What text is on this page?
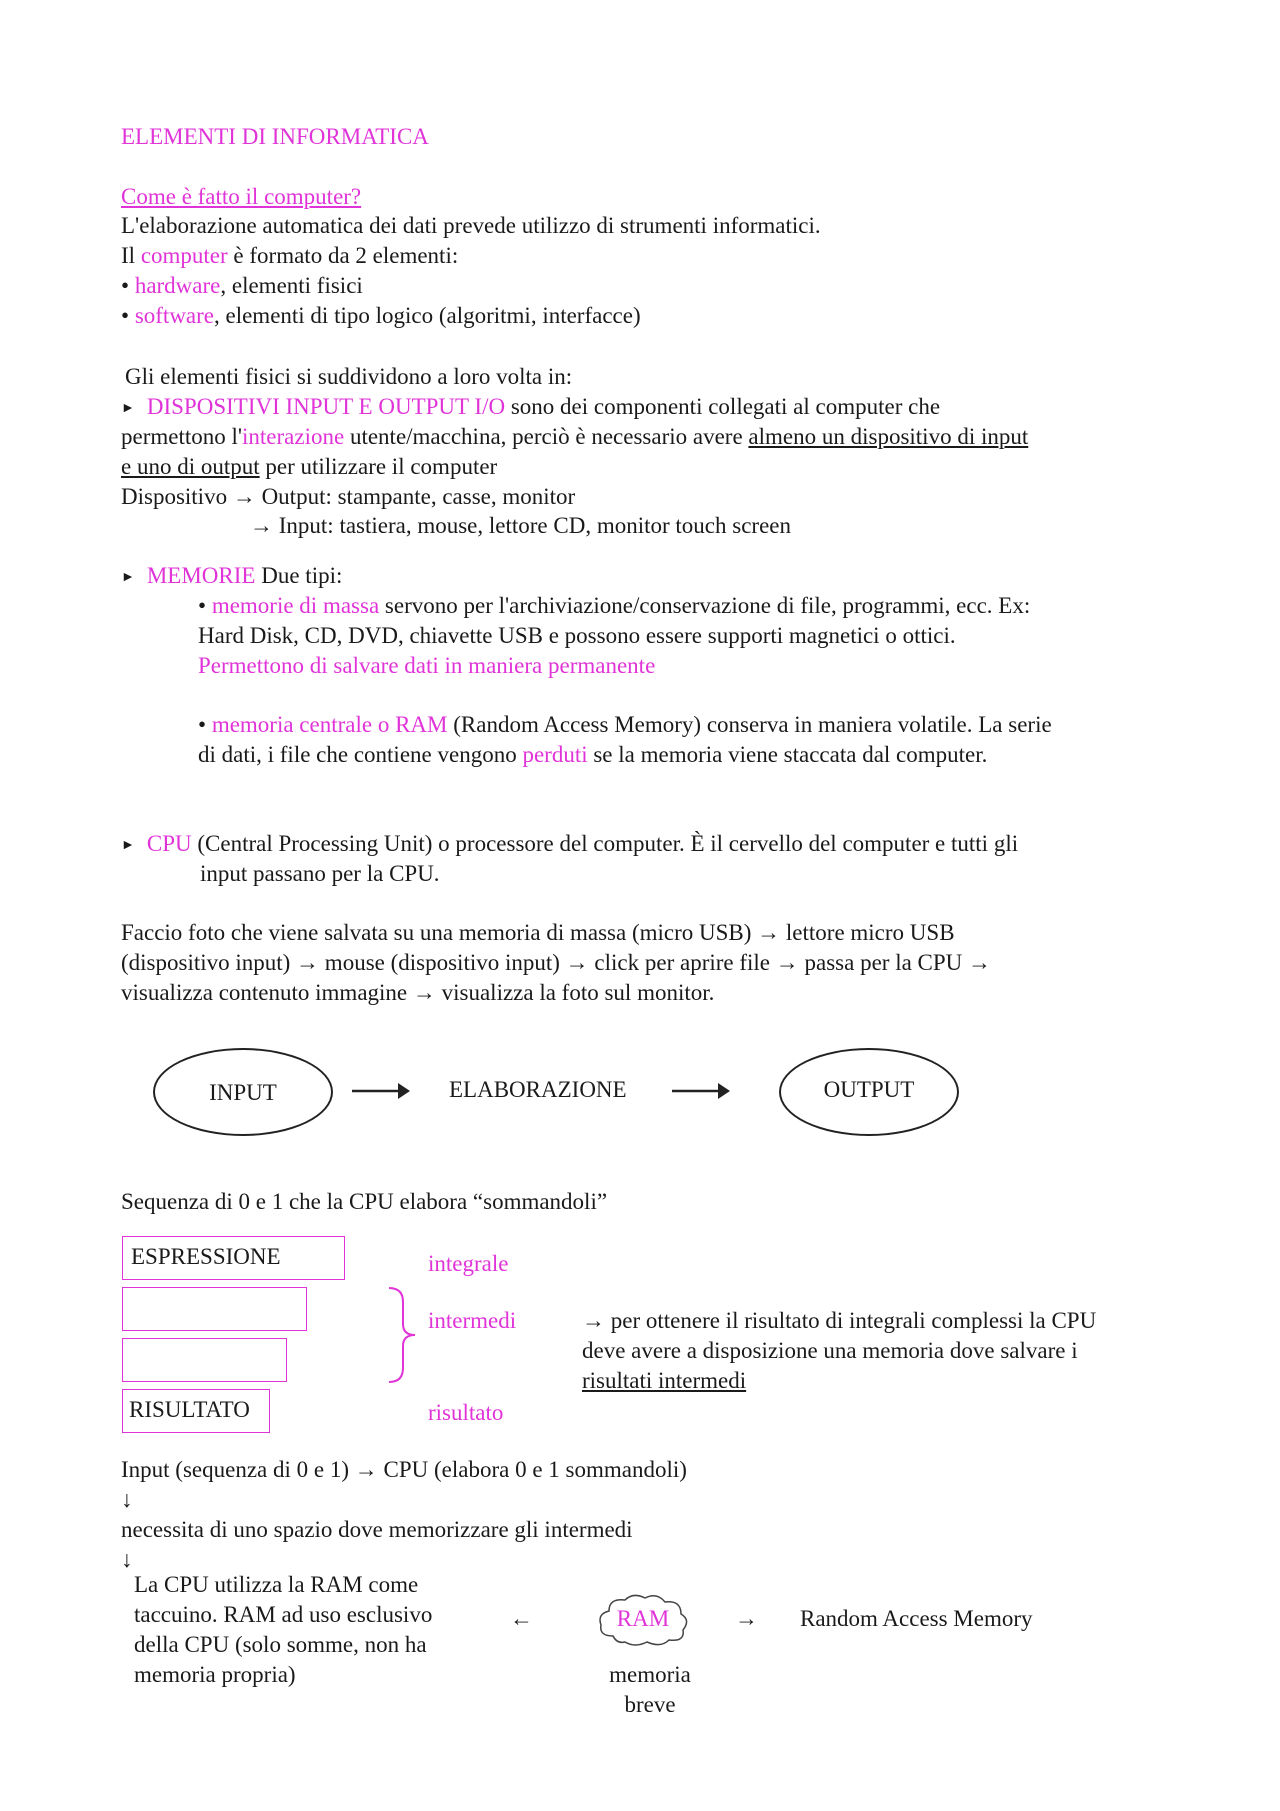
ELEMENTI DI INFORMATICA
Come è fatto il computer?
L'elaborazione automatica dei dati prevede utilizzo di strumenti informatici.
Il computer è formato da 2 elementi:
• hardware, elementi fisici
• software, elementi di tipo logico (algoritmi, interfacce)
Gli elementi fisici si suddividono a loro volta in:
► DISPOSITIVI INPUT E OUTPUT I/O sono dei componenti collegati al computer che
permettono l'interazione utente/macchina, perciò è necessario avere almeno un dispositivo di input
e uno di output per utilizzare il computer
Dispositivo → Output: stampante, casse, monitor
→ Input: tastiera, mouse, lettore CD, monitor touch screen
► MEMORIE Due tipi:
• memorie di massa servono per l'archiviazione/conservazione di file, programmi, ecc. Ex:
Hard Disk, CD, DVD, chiavette USB e possono essere supporti magnetici o ottici.
Permettono di salvare dati in maniera permanente
• memoria centrale o RAM (Random Access Memory) conserva in maniera volatile. La serie
di dati, i file che contiene vengono perduti se la memoria viene staccata dal computer.
► CPU (Central Processing Unit) o processore del computer. È il cervello del computer e tutti gli
input passano per la CPU.
Faccio foto che viene salvata su una memoria di massa (micro USB) → lettore micro USB
(dispositivo input) → mouse (dispositivo input) → click per aprire file → passa per la CPU →
visualizza contenuto immagine → visualizza la foto sul monitor.
INPUT	ELABORAZIONE	OUTPUT
Sequenza di 0 e 1 che la CPU elabora “sommandoli”
ESPRESSIONE
RISULTATO
integrale
intermedi
risultato
→ per ottenere il risultato di integrali complessi la CPU
deve avere a disposizione una memoria dove salvare i
risultati intermedi
Input (sequenza di 0 e 1) → CPU (elabora 0 e 1 sommandoli)
↓
necessita di uno spazio dove memorizzare gli intermedi
↓
La CPU utilizza la RAM come
taccuino. RAM ad uso esclusivo
della CPU (solo somme, non ha
memoria propria)
←	RAM	→ Random Access Memory
memoria
breve
